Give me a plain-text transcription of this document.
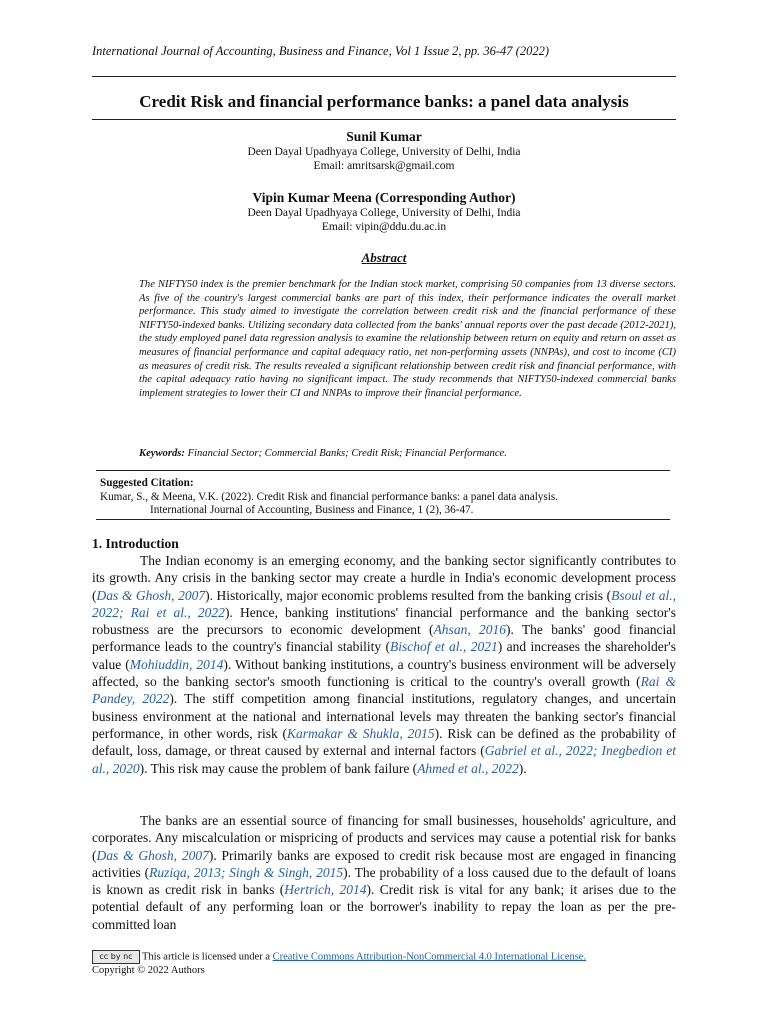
International Journal of Accounting, Business and Finance, Vol 1 Issue 2, pp. 36-47 (2022)
Credit Risk and financial performance banks: a panel data analysis
Sunil Kumar
Deen Dayal Upadhyaya College, University of Delhi, India
Email: amritsarsk@gmail.com
Vipin Kumar Meena (Corresponding Author)
Deen Dayal Upadhyaya College, University of Delhi, India
Email: vipin@ddu.du.ac.in
Abstract
The NIFTY50 index is the premier benchmark for the Indian stock market, comprising 50 companies from 13 diverse sectors. As five of the country's largest commercial banks are part of this index, their performance indicates the overall market performance. This study aimed to investigate the correlation between credit risk and the financial performance of these NIFTY50-indexed banks. Utilizing secondary data collected from the banks' annual reports over the past decade (2012-2021), the study employed panel data regression analysis to examine the relationship between return on equity and return on asset as measures of financial performance and capital adequacy ratio, net non-performing assets (NNPAs), and cost to income (CI) as measures of credit risk. The results revealed a significant relationship between credit risk and financial performance, with the capital adequacy ratio having no significant impact. The study recommends that NIFTY50-indexed commercial banks implement strategies to lower their CI and NNPAs to improve their financial performance.
Keywords: Financial Sector; Commercial Banks; Credit Risk; Financial Performance.
Suggested Citation:
Kumar, S., & Meena, V.K. (2022). Credit Risk and financial performance banks: a panel data analysis.
International Journal of Accounting, Business and Finance, 1 (2), 36-47.
1. Introduction

The Indian economy is an emerging economy, and the banking sector significantly contributes to its growth. Any crisis in the banking sector may create a hurdle in India's economic development process (Das & Ghosh, 2007). Historically, major economic problems resulted from the banking crisis (Bsoul et al., 2022; Rai et al., 2022). Hence, banking institutions' financial performance and the banking sector's robustness are the precursors to economic development (Ahsan, 2016). The banks' good financial performance leads to the country's financial stability (Bischof et al., 2021) and increases the shareholder's value (Mohiuddin, 2014). Without banking institutions, a country's business environment will be adversely affected, so the banking sector's smooth functioning is critical to the country's overall growth (Rai & Pandey, 2022). The stiff competition among financial institutions, regulatory changes, and uncertain business environment at the national and international levels may threaten the banking sector's financial performance, in other words, risk (Karmakar & Shukla, 2015). Risk can be defined as the probability of default, loss, damage, or threat caused by external and internal factors (Gabriel et al., 2022; Inegbedion et al., 2020). This risk may cause the problem of bank failure (Ahmed et al., 2022).

The banks are an essential source of financing for small businesses, households' agriculture, and corporates. Any miscalculation or mispricing of products and services may cause a potential risk for banks (Das & Ghosh, 2007). Primarily banks are exposed to credit risk because most are engaged in financing activities (Ruziqa, 2013; Singh & Singh, 2015). The probability of a loss caused due to the default of loans is known as credit risk in banks (Hertrich, 2014). Credit risk is vital for any bank; it arises due to the potential default of any performing loan or the borrower's inability to repay the loan as per the pre-committed loan

cc by nc This article is licensed under a Creative Commons Attribution-NonCommercial 4.0 International License.
Copyright © 2022 Authors
